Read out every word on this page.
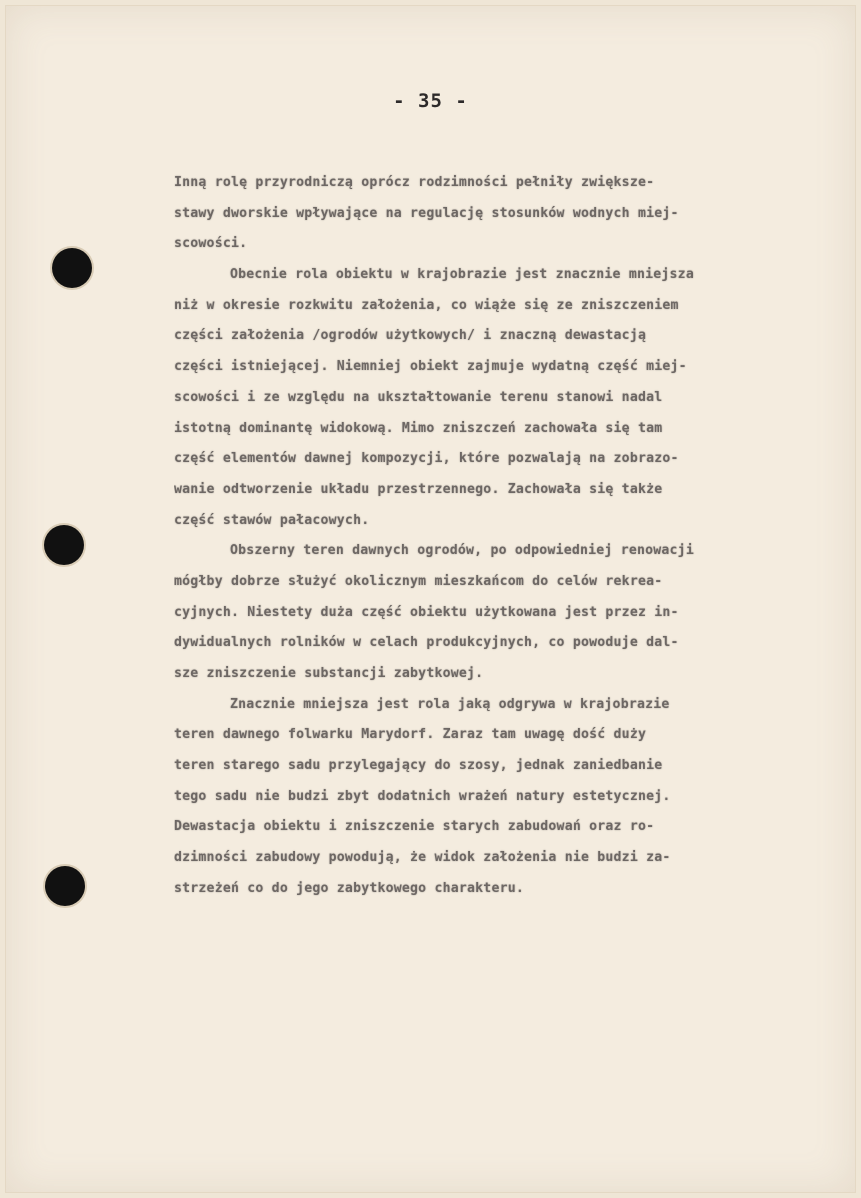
- 35 -
Inną rolę przyrodniczą oprócz rodzimności pełniły zwiększe-
stawy dworskie wpływające na regulację stosunków wodnych miej-
scowości.
Obecnie rola obiektu w krajobrazie jest znacznie mniejsza
niż w okresie rozkwitu założenia, co wiąże się ze zniszczeniem
części założenia /ogrodów użytkowych/ i znaczną dewastacją
części istniejącej. Niemniej obiekt zajmuje wydatną część miej-
scowości i ze względu na ukształtowanie terenu stanowi nadal
istotną dominantę widokową. Mimo zniszczeń zachowała się tam
część elementów dawnej kompozycji, które pozwalają na zobrazo-
wanie odtworzenie układu przestrzennego. Zachowała się także
część stawów pałacowych.
Obszerny teren dawnych ogrodów, po odpowiedniej renowacji
mógłby dobrze służyć okolicznym mieszkańcom do celów rekrea-
cyjnych. Niestety duża część obiektu użytkowana jest przez in-
dywidualnych rolników w celach produkcyjnych, co powoduje dal-
sze zniszczenie substancji zabytkowej.
Znacznie mniejsza jest rola jaką odgrywa w krajobrazie
teren dawnego folwarku Marydorf. Zaraz tam uwagę dość duży
teren starego sadu przylegający do szosy, jednak zaniedbanie
tego sadu nie budzi zbyt dodatnich wrażeń natury estetycznej.
Dewastacja obiektu i zniszczenie starych zabudowań oraz ro-
dzimności zabudowy powodują, że widok założenia nie budzi za-
strzeżeń co do jego zabytkowego charakteru.
